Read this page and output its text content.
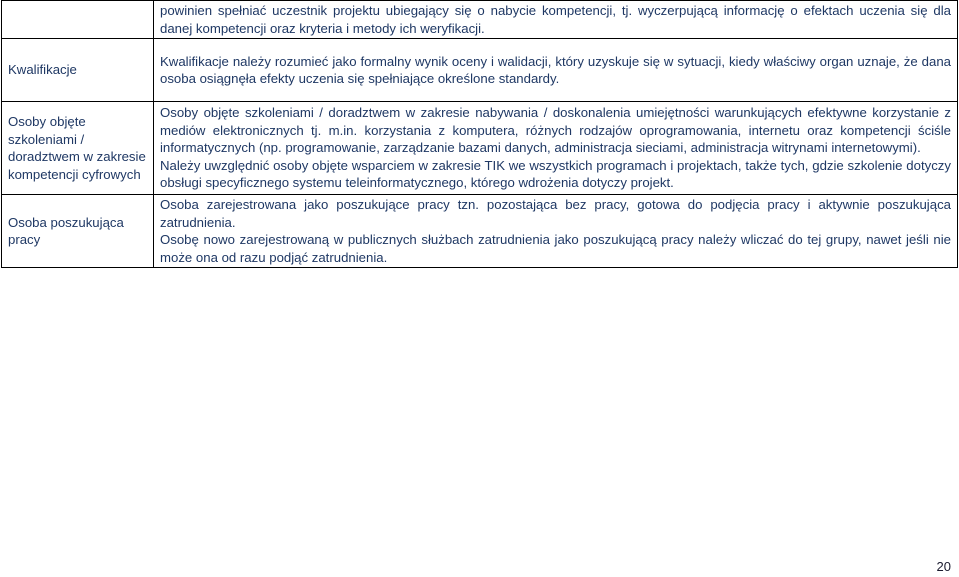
	powinien spełniać uczestnik projektu ubiegający się o nabycie kompetencji, tj. wyczerpującą informację o efektach uczenia się dla danej kompetencji oraz kryteria i metody ich weryfikacji.

Kwalifikacje	Kwalifikacje należy rozumieć jako formalny wynik oceny i walidacji, który uzyskuje się w sytuacji, kiedy właściwy organ uznaje, że dana osoba osiągnęła efekty uczenia się spełniające określone standardy.

Osoby objęte szkoleniami / doradztwem w zakresie kompetencji cyfrowych	Osoby objęte szkoleniami / doradztwem w zakresie nabywania / doskonalenia umiejętności warunkujących efektywne korzystanie z mediów elektronicznych tj. m.in. korzystania z komputera, różnych rodzajów oprogramowania, internetu oraz kompetencji ściśle informatycznych (np. programowanie, zarządzanie bazami danych, administracja sieciami, administracja witrynami internetowymi).
Należy uwzględnić osoby objęte wsparciem w zakresie TIK we wszystkich programach i projektach, także tych, gdzie szkolenie dotyczy obsługi specyficznego systemu teleinformatycznego, którego wdrożenia dotyczy projekt.

Osoba poszukująca pracy	Osoba zarejestrowana jako poszukujące pracy tzn. pozostająca bez pracy, gotowa do podjęcia pracy i aktywnie poszukująca zatrudnienia.
Osobę nowo zarejestrowaną w publicznych służbach zatrudnienia jako poszukującą pracy należy wliczać do tej grupy, nawet jeśli nie może ona od razu podjąć zatrudnienia.
20
